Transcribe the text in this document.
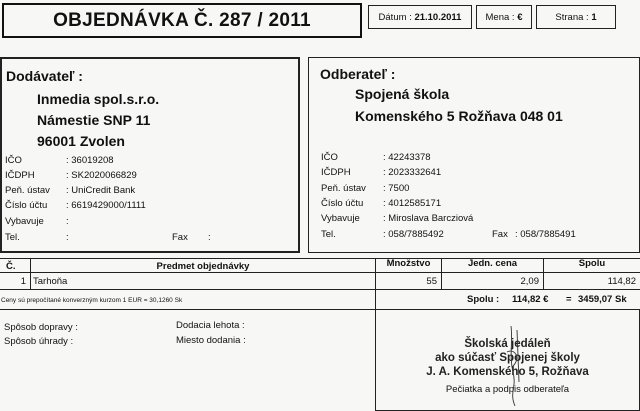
OBJEDNÁVKA Č. 287 / 2011	Dátum : 21.10.2011	Mena : €	Strana : 1
Dodávateľ :
Inmedia spol.s.r.o.
Námestie SNP 11
96001 Zvolen
IČO	: 36019208
IČDPH	: SK2020066829
Peň. ústav : UniCredit Bank
Číslo účtu : 6619429000/1111
Vybavuje :
Tel.	:	Fax :
Odberateľ :
Spojená škola
Komenského 5 Rožňava 048 01
IČO	: 42243378
IČDPH	: 2023332641
Peň. ústav : 7500
Číslo účtu : 4012585171
Vybavuje : Miroslava Barcziová
Tel.	: 058/7885492	Fax : 058/7885491
Č.	Predmet objednávky	Množstvo	Jedn. cena	Spolu
1 Tarhoňa	55	2,09	114,82
Ceny sú prepočítané konverzným kurzom 1 EUR = 30,1260 Sk	Spolu : 114,82 € = 3459,07 Sk
Spôsob dopravy :
Spôsob úhrady :
Dodacia lehota :
Miesto dodania :	Školská jedáleň
ako súčasť Spojenej školy
J. A. Komenského 5, Rožňava
Pečiatka a podpis odberateľa
